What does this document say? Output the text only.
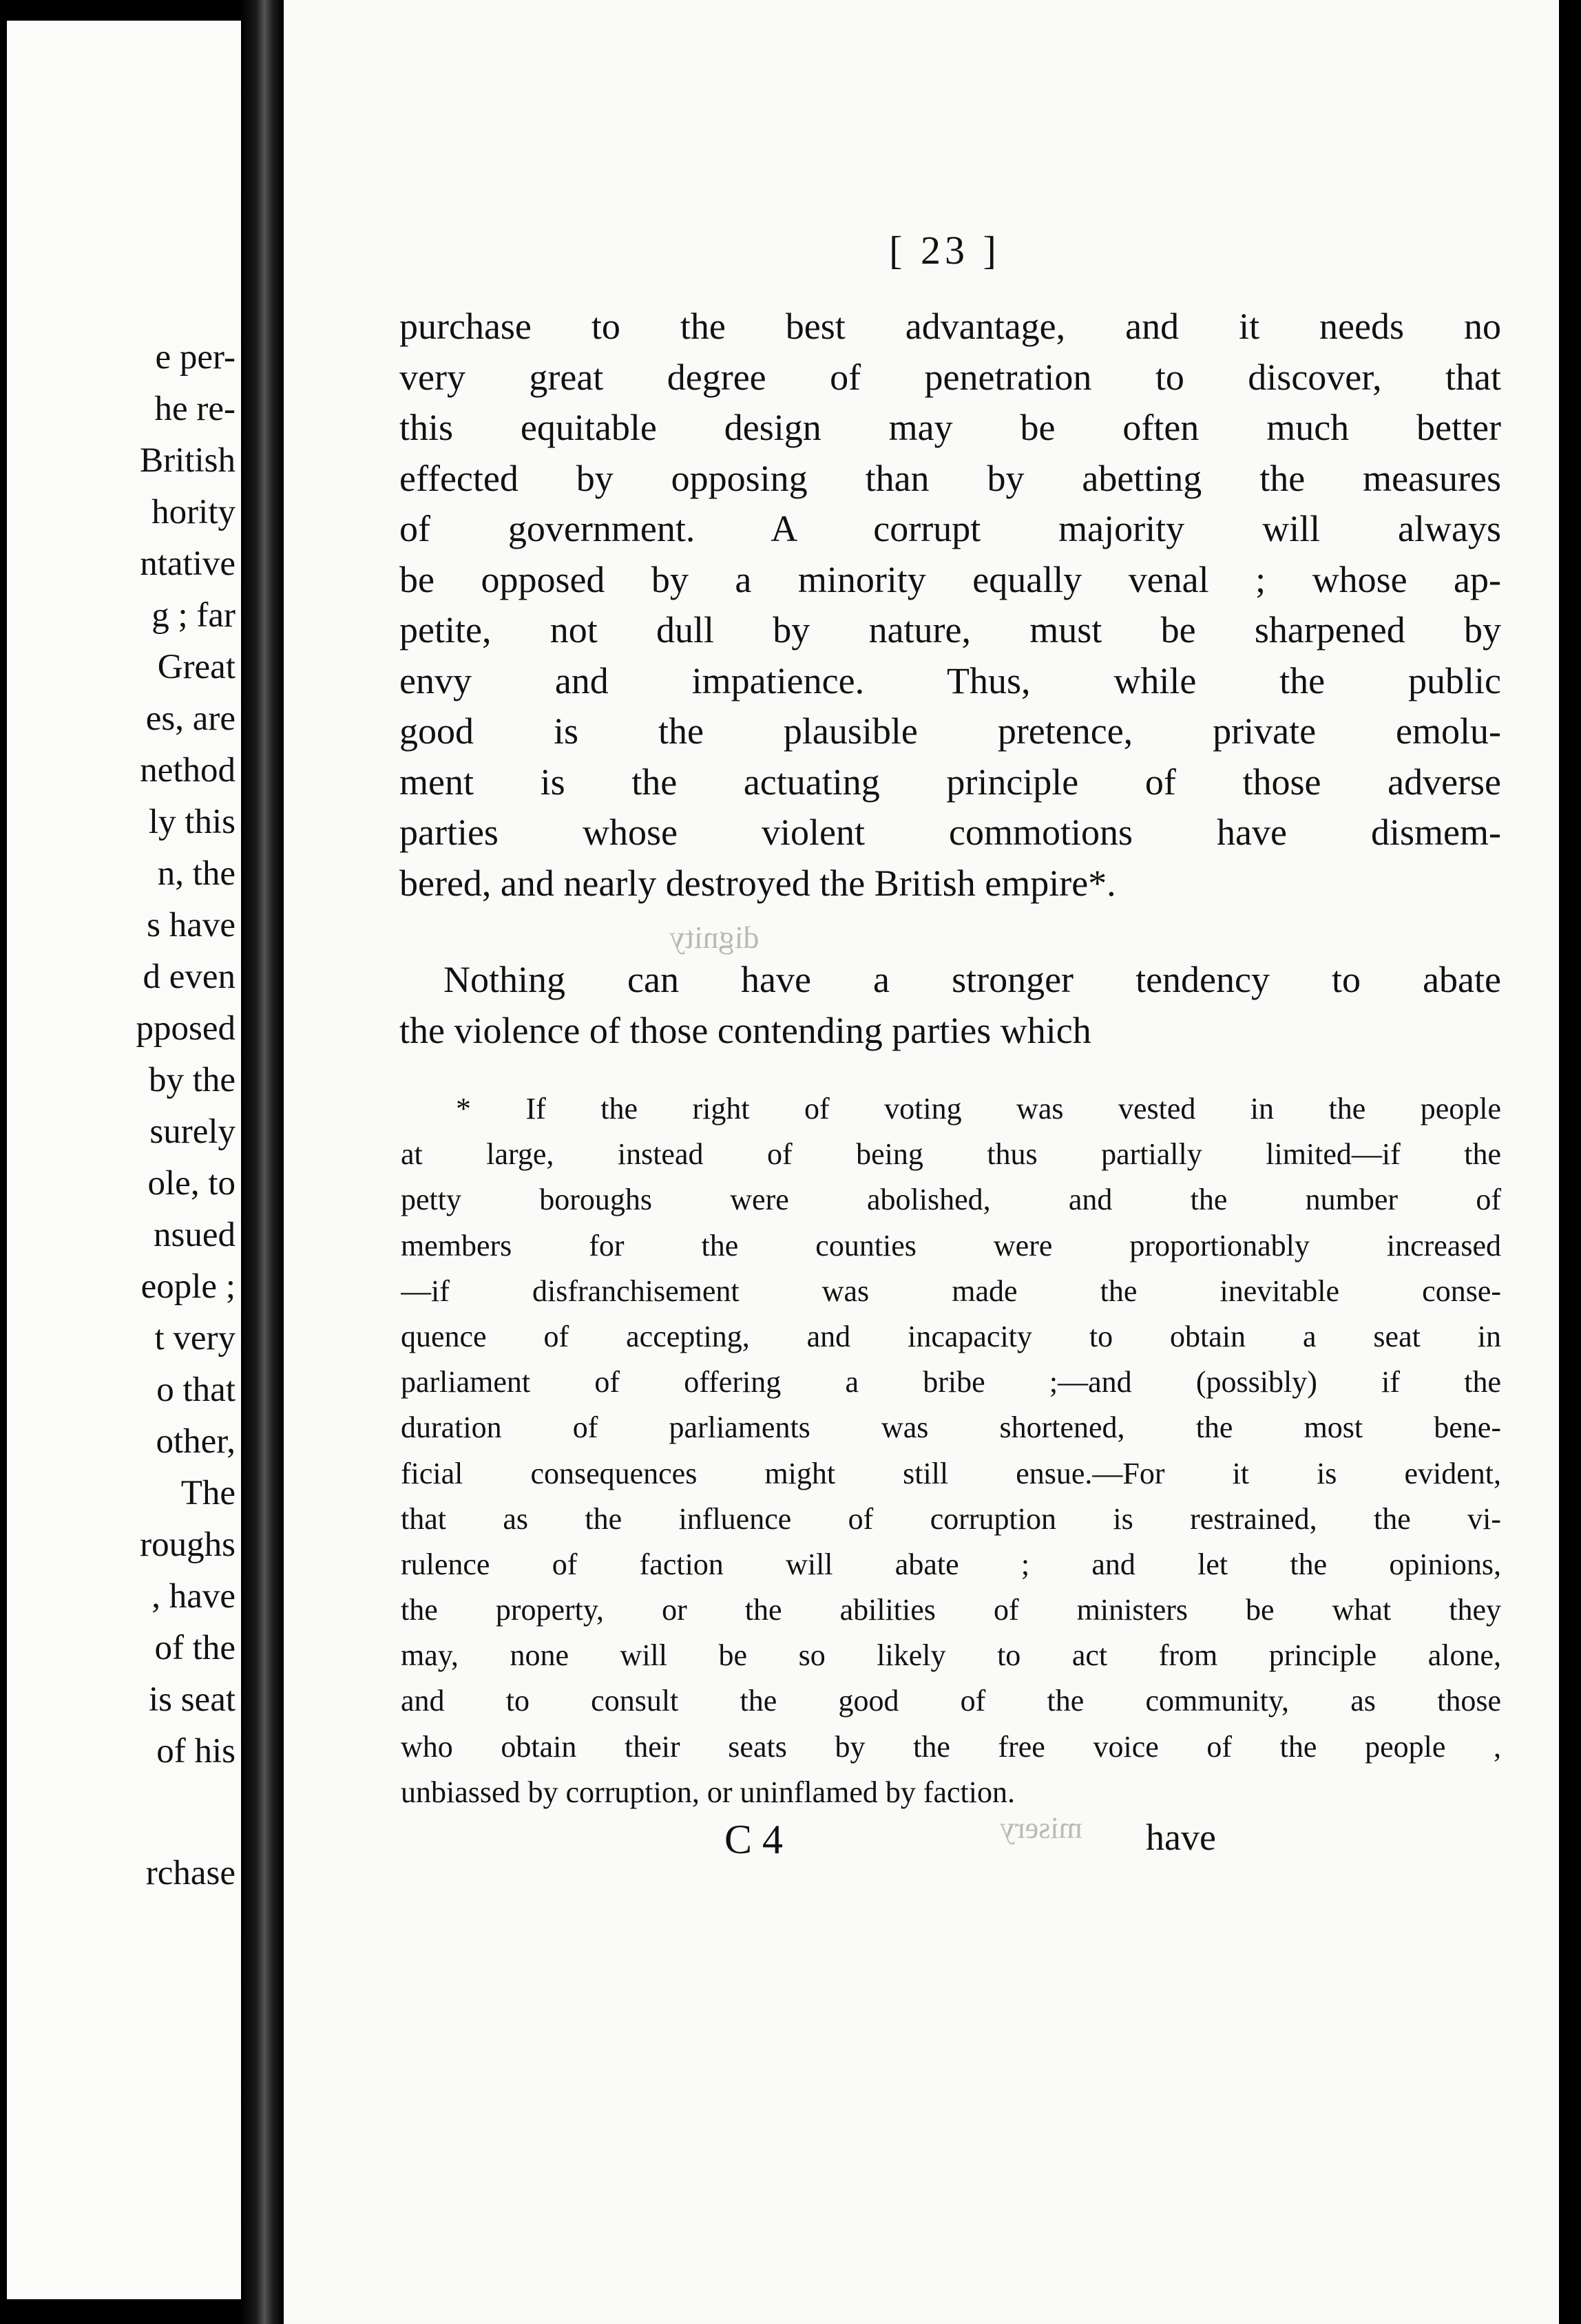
e per-
he re-
British
hority
ntative
g ; far
Great
es, are
nethod
ly this
n, the
s have
d even
pposed
by the
surely
ole, to
nsued
eople ;
t very
o that
other,
The
roughs
, have
of the
is seat
of his
rchase
dignity
misery
[ 23 ]
purchase to the best advantage, and it needs no
very great degree of penetration to discover, that
this equitable design may be often much better
effected by opposing than by abetting the measures
of government. A corrupt majority will always
be opposed by a minority equally venal ; whose ap-
petite, not dull by nature, must be sharpened by
envy and impatience. Thus, while the public
good is the plausible pretence, private emolu-
ment is the actuating principle of those adverse
parties whose violent commotions have dismem-
bered, and nearly destroyed the British empire*.
Nothing can have a stronger tendency to abate
the violence of those contending parties which
* If the right of voting was vested in the people
at large, instead of being thus partially limited—if the
petty boroughs were abolished, and the number of
members for the counties were proportionably increased
—if disfranchisement was made the inevitable conse-
quence of accepting, and incapacity to obtain a seat in
parliament of offering a bribe ;—and (possibly) if the
duration of parliaments was shortened, the most bene-
ficial consequences might still ensue.—For it is evident,
that as the influence of corruption is restrained, the vi-
rulence of faction will abate ; and let the opinions,
the property, or the abilities of ministers be what they
may, none will be so likely to act from principle alone,
and to consult the good of the community, as those
who obtain their seats by the free voice of the people ,
unbiassed by corruption, or uninflamed by faction.
C 4	have
